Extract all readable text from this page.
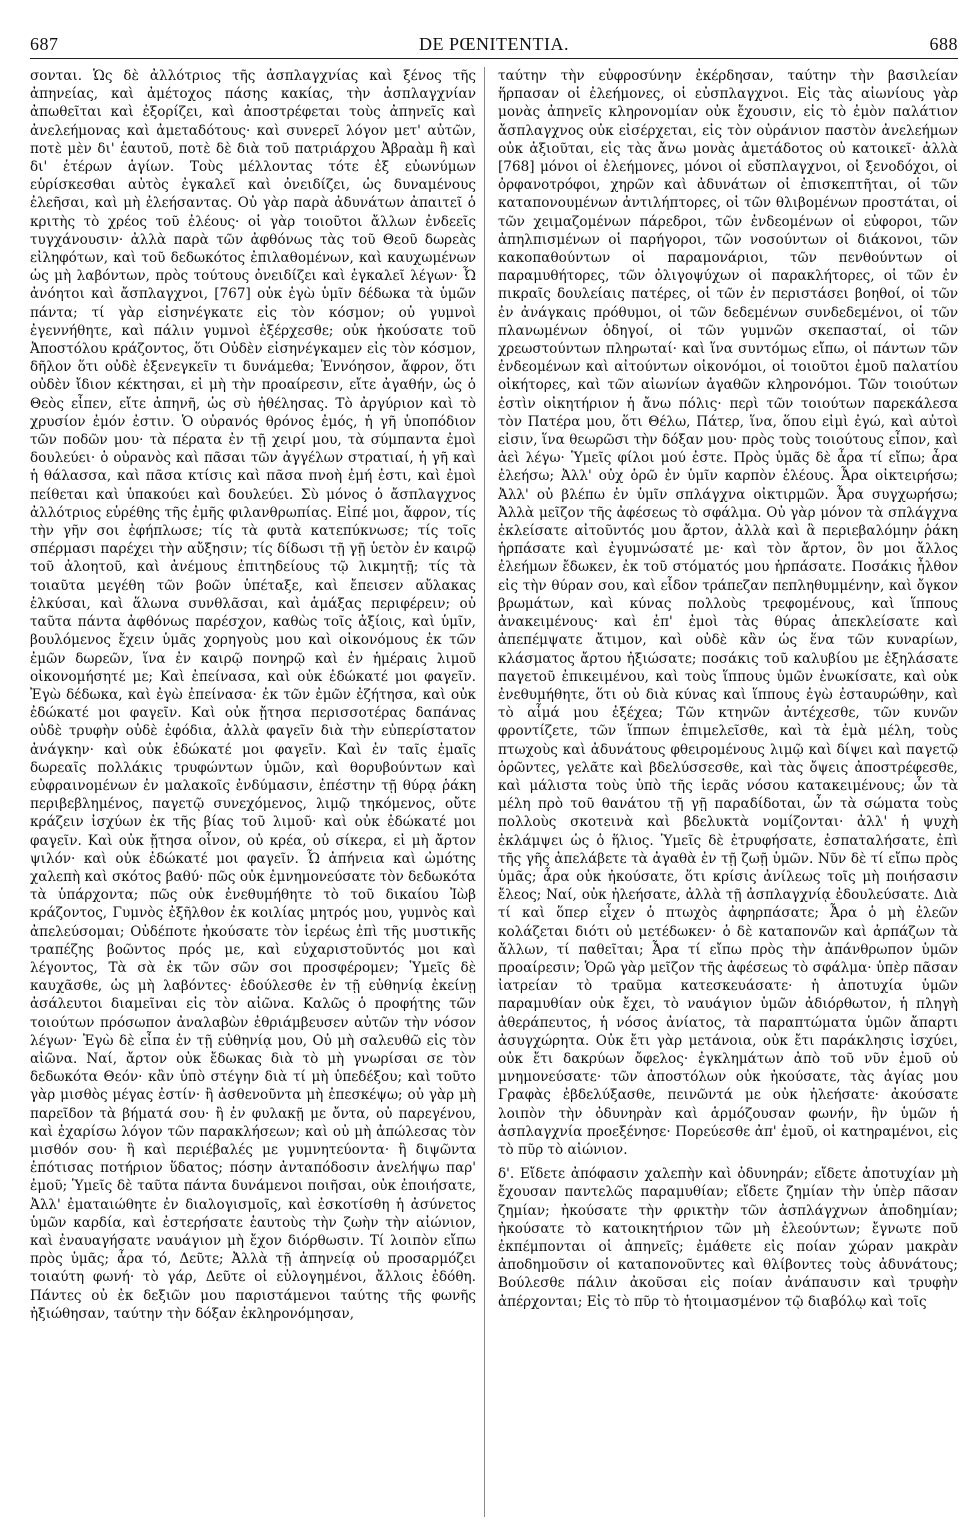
687	DE PŒNITENTIA.	688

σονται. Ὡς δὲ ἀλλότριος τῆς ἀσπλαγχνίας καὶ ξένος τῆς ἀπηνείας, καὶ ἀμέτοχος πάσης κακίας, τὴν ἀσπλαγχνίαν ἀπωθεῖται καὶ ἐξορίζει, καὶ ἀποστρέφεται τοὺς ἀπηνεῖς καὶ ἀνελεήμονας καὶ ἀμεταδότους· καὶ συνερεῖ λόγον μετ' αὐτῶν, ποτὲ μὲν δι' ἑαυτοῦ, ποτὲ δὲ διὰ τοῦ πατριάρχου Ἀβραὰμ ἢ καὶ δι' ἑτέρων ἁγίων. Τοὺς μέλλοντας τότε ἐξ εὐωνύμων εὑρίσκεσθαι αὐτὸς ἐγκαλεῖ καὶ ὀνειδίζει, ὡς δυναμένους ἐλεῆσαι, καὶ μὴ ἐλεήσαντας. Οὐ γὰρ παρὰ ἀδυνάτων ἀπαιτεῖ ὁ κριτὴς τὸ χρέος τοῦ ἐλέους· οἱ γὰρ τοιοῦτοι ἄλλων ἐνδεεῖς τυγχάνουσιν· ἀλλὰ παρὰ τῶν ἀφθόνως τὰς τοῦ Θεοῦ δωρεὰς εἰληφότων, καὶ τοῦ δεδωκότος ἐπιλαθομένων, καὶ καυχωμένων ὡς μὴ λαβόντων, πρὸς τούτους ὀνειδίζει καὶ ἐγκαλεῖ λέγων· Ὦ ἀνόητοι καὶ ἄσπλαγχνοι, [767] οὐκ ἐγὼ ὑμῖν δέδωκα τὰ ὑμῶν πάντα; τί γὰρ εἰσηνέγκατε εἰς τὸν κόσμον; οὐ γυμνοὶ ἐγεννήθητε, καὶ πάλιν γυμνοὶ ἐξέρχεσθε; οὐκ ἠκούσατε τοῦ Ἀποστόλου κράζοντος, ὅτι Οὐδὲν εἰσηνέγκαμεν εἰς τὸν κόσμον, δῆλον ὅτι οὐδὲ ἐξενεγκεῖν τι δυνάμεθα; Ἐννόησον, ἄφρον, ὅτι οὐδὲν ἴδιον κέκτησαι, εἰ μὴ τὴν προαίρεσιν, εἴτε ἀγαθήν, ὡς ὁ Θεὸς εἶπεν, εἴτε ἀπηνῆ, ὡς σὺ ἠθέλησας. Τὸ ἀργύριον καὶ τὸ χρυσίον ἐμόν ἐστιν. Ὁ οὐρανός θρόνος ἐμός, ἡ γῆ ὑποπόδιον τῶν ποδῶν μου· τὰ πέρατα ἐν τῇ χειρί μου, τὰ σύμπαντα ἐμοὶ δουλεύει· ὁ οὐρανὸς καὶ πᾶσαι τῶν ἀγγέλων στρατιαί, ἡ γῆ καὶ ἡ θάλασσα, καὶ πᾶσα κτίσις καὶ πᾶσα πνοὴ ἐμή ἐστι, καὶ ἐμοὶ πείθεται καὶ ὑπακούει καὶ δουλεύει. Σὺ μόνος ὁ ἄσπλαγχνος ἀλλότριος εὑρέθης τῆς ἐμῆς φιλανθρωπίας. Εἰπέ μοι, ἄφρον, τίς τὴν γῆν σοι ἐφήπλωσε; τίς τὰ φυτὰ κατεπύκνωσε; τίς τοῖς σπέρμασι παρέχει τὴν αὔξησιν; τίς δίδωσι τῇ γῇ ὑετὸν ἐν καιρῷ τοῦ ἀλοητοῦ, καὶ ἀνέμους ἐπιτηδείους τῷ λικμητῇ; τίς τὰ τοιαῦτα μεγέθη τῶν βοῶν ὑπέταξε, καὶ ἔπεισεν αὔλακας ἑλκύσαι, καὶ ἅλωνα συνθλᾶσαι, καὶ ἁμάξας περιφέρειν; οὐ ταῦτα πάντα ἀφθόνως παρέσχον, καθὼς τοῖς ἀξίοις, καὶ ὑμῖν, βουλόμενος ἔχειν ὑμᾶς χορηγοὺς μου καὶ οἰκονόμους ἐκ τῶν ἐμῶν δωρεῶν, ἵνα ἐν καιρῷ πονηρῷ καὶ ἐν ἡμέραις λιμοῦ οἰκονομήσητέ με; Καὶ ἐπείνασα, καὶ οὐκ ἐδώκατέ μοι φαγεῖν. Ἐγὼ δέδωκα, καὶ ἐγὼ ἐπείνασα· ἐκ τῶν ἐμῶν ἐζήτησα, καὶ οὐκ ἐδώκατέ μοι φαγεῖν. Καὶ οὐκ ᾔτησα περισσοτέρας δαπάνας οὐδὲ τρυφὴν οὐδὲ ἐφόδια, ἀλλὰ φαγεῖν διὰ τὴν εὐπερίστατον ἀνάγκην· καὶ οὐκ ἐδώκατέ μοι φαγεῖν. Καὶ ἐν ταῖς ἐμαῖς δωρεαῖς πολλάκις τρυφώντων ὑμῶν, καὶ θορυβούντων καὶ εὐφραινομένων ἐν μαλακοῖς ἐνδύμασιν, ἐπέστην τῇ θύρᾳ ῥάκη περιβεβλημένος, παγετῷ συνεχόμενος, λιμῷ τηκόμενος, οὔτε κράζειν ἰσχύων ἐκ τῆς βίας τοῦ λιμοῦ· καὶ οὐκ ἐδώκατέ μοι φαγεῖν. Καὶ οὐκ ᾔτησα οἶνον, οὐ κρέα, οὐ σίκερα, εἰ μὴ ἄρτον ψιλόν· καὶ οὐκ ἐδώκατέ μοι φαγεῖν. Ὦ ἀπήνεια καὶ ὠμότης χαλεπὴ καὶ σκότος βαθύ· πῶς οὐκ ἐμνημονεύσατε τὸν δεδωκότα τὰ ὑπάρχοντα; πῶς οὐκ ἐνεθυμήθητε τὸ τοῦ δικαίου Ἰὼβ κράζοντος, Γυμνὸς ἐξῆλθον ἐκ κοιλίας μητρός μου, γυμνὸς καὶ ἀπελεύσομαι; Οὐδέποτε ἠκούσατε τὸν ἱερέως ἐπὶ τῆς μυστικῆς τραπέζης βοῶντος πρός με, καὶ εὐχαριστοῦντός μοι καὶ λέγοντος, Τὰ σὰ ἐκ τῶν σῶν σοι προσφέρομεν; Ὑμεῖς δὲ καυχᾶσθε, ὡς μὴ λαβόντες· ἐδούλεσθε ἐν τῇ εὐθηνίᾳ ἐκείνῃ ἀσάλευτοι διαμεῖναι εἰς τὸν αἰῶνα. Καλῶς ὁ προφήτης τῶν τοιούτων πρόσωπον ἀναλαβὼν ἐθριάμβευσεν αὐτῶν τὴν νόσον λέγων· Ἐγὼ δὲ εἶπα ἐν τῇ εὐθηνίᾳ μου, Οὐ μὴ σαλευθῶ εἰς τὸν αἰῶνα. Ναί, ἄρτον οὐκ ἔδωκας διὰ τὸ μὴ γνωρίσαι σε τὸν δεδωκότα Θεόν· κἂν ὑπὸ στέγην διὰ τί μὴ ὑπεδέξου; καὶ τοῦτο γὰρ μισθὸς μέγας ἐστίν· ἢ ἀσθενοῦντα μὴ ἐπεσκέψω; οὐ γὰρ μὴ παρεῖδον τὰ βήματά σου· ἢ ἐν φυλακῇ με ὄντα, οὐ παρεγένου, καὶ ἐχαρίσω λόγον τῶν παρακλήσεων; καὶ οὐ μὴ ἀπώλεσας τὸν μισθόν σου· ἢ καὶ περιέβαλές με γυμνητεύοντα· ἢ διψῶντα ἐπότισας ποτήριον ὕδατος; πόσην ἀνταπόδοσιν ἀνελήψω παρ' ἐμοῦ; Ὑμεῖς δὲ ταῦτα πάντα δυνάμενοι ποιῆσαι, οὐκ ἐποιήσατε, Ἀλλ' ἐματαιώθητε ἐν διαλογισμοῖς, καὶ ἐσκοτίσθη ἡ ἀσύνετος ὑμῶν καρδία, καὶ ἐστερήσατε ἑαυτοὺς τὴν ζωὴν τὴν αἰώνιον, καὶ ἐναυαγήσατε ναυάγιον μὴ ἔχον διόρθωσιν. Τί λοιπὸν εἴπω πρὸς ὑμᾶς; ἆρα τό, Δεῦτε; Ἀλλὰ τῇ ἀπηνείᾳ οὐ προσαρμόζει τοιαύτη φωνή· τὸ γάρ, Δεῦτε οἱ εὐλογημένοι, ἄλλοις ἐδόθη. Πάντες οὐ ἐκ δεξιῶν μου παριστάμενοι ταύτης τῆς φωνῆς ἠξιώθησαν, ταύτην τὴν δόξαν ἐκληρονόμησαν,

ταύτην τὴν εὐφροσύνην ἐκέρδησαν, ταύτην τὴν βασιλείαν ἥρπασαν οἱ ἐλεήμονες, οἱ εὐσπλαγχνοι. Εἰς τὰς αἰωνίους γὰρ μονὰς ἀπηνεῖς κληρονομίαν οὐκ ἔχουσιν, εἰς τὸ ἐμὸν παλάτιον ἄσπλαγχνος οὐκ εἰσέρχεται, εἰς τὸν οὐράνιον παστὸν ἀνελεήμων οὐκ ἀξιοῦται, εἰς τὰς ἄνω μονὰς ἀμετάδοτος οὐ κατοικεῖ· ἀλλὰ [768] μόνοι οἱ ἐλεήμονες, μόνοι οἱ εὔσπλαγχνοι, οἱ ξενοδόχοι, οἱ ὀρφανοτρόφοι, χηρῶν καὶ ἀδυνάτων οἱ ἐπισκεπτῆται, οἱ τῶν καταπονουμένων ἀντιλήπτορες, οἱ τῶν θλιβομένων προστάται, οἱ τῶν χειμαζομένων πάρεδροι, τῶν ἐνδεομένων οἱ εὐφοροι, τῶν ἀπηλπισμένων οἱ παρήγοροι, τῶν νοσούντων οἱ διάκονοι, τῶν κακοπαθούντων οἱ παραμονάριοι, τῶν πενθούντων οἱ παραμυθήτορες, τῶν ὀλιγοψύχων οἱ παρακλήτορες, οἱ τῶν ἐν πικραῖς δουλείαις πατέρες, οἱ τῶν ἐν περιστάσει βοηθοί, οἱ τῶν ἐν ἀνάγκαις πρόθυμοι, οἱ τῶν δεδεμένων συνδεδεμένοι, οἱ τῶν πλανωμένων ὁδηγοί, οἱ τῶν γυμνῶν σκεπασταί, οἱ τῶν χρεωστούντων πληρωταί· καὶ ἵνα συντόμως εἴπω, οἱ πάντων τῶν ἐνδεομένων καὶ αἰτούντων οἰκονόμοι, οἱ τοιοῦτοι ἐμοῦ παλατίου οἰκήτορες, καὶ τῶν αἰωνίων ἀγαθῶν κληρονόμοι. Τῶν τοιούτων ἐστὶν οἰκητήριον ἡ ἄνω πόλις· περὶ τῶν τοιούτων παρεκάλεσα τὸν Πατέρα μου, ὅτι Θέλω, Πάτερ, ἵνα, ὅπου εἰμὶ ἐγώ, καὶ αὐτοὶ εἰσιν, ἵνα θεωρῶσι τὴν δόξαν μου· πρὸς τοὺς τοιούτους εἶπον, καὶ ἀεὶ λέγω· Ὑμεῖς φίλοι μού ἐστε. Πρὸς ὑμᾶς δὲ ἆρα τί εἴπω; ἆρα ἐλεήσω; Ἀλλ' οὐχ ὁρῶ ἐν ὑμῖν καρπὸν ἐλέους. Ἆρα οἰκτειρήσω; Ἀλλ' οὐ βλέπω ἐν ὑμῖν σπλάγχνα οἰκτιρμῶν. Ἆρα συγχωρήσω; Ἀλλὰ μεῖζον τῆς ἀφέσεως τὸ σφάλμα. Οὐ γὰρ μόνον τὰ σπλάγχνα ἐκλείσατε αἰτοῦντός μου ἄρτον, ἀλλὰ καὶ ἃ περιεβαλόμην ῥάκη ἡρπάσατε καὶ ἐγυμνώσατέ με· καὶ τὸν ἄρτον, ὃν μοι ἄλλος ἐλεήμων ἔδωκεν, ἐκ τοῦ στόματός μου ἡρπάσατε. Ποσάκις ἦλθον εἰς τὴν θύραν σου, καὶ εἶδον τράπεζαν πεπληθυμμένην, καὶ ὄγκον βρωμάτων, καὶ κύνας πολλοὺς τρεφομένους, καὶ ἵππους ἀνακειμένους· καὶ ἐπ' ἐμοὶ τὰς θύρας ἀπεκλείσατε καὶ ἀπεπέμψατε ἄτιμον, καὶ οὐδὲ κἂν ὡς ἕνα τῶν κυναρίων, κλάσματος ἄρτου ἠξιώσατε; ποσάκις τοῦ καλυβίου με ἐξηλάσατε παγετοῦ ἐπικειμένου, καὶ τοὺς ἵππους ὑμῶν ἐνωκίσατε, καὶ οὐκ ἐνεθυμήθητε, ὅτι οὐ διὰ κύνας καὶ ἵππους ἐγὼ ἐσταυρώθην, καὶ τὸ αἷμά μου ἐξέχεα; Τῶν κτηνῶν ἀντέχεσθε, τῶν κυνῶν φροντίζετε, τῶν ἵππων ἐπιμελεῖσθε, καὶ τὰ ἐμὰ μέλη, τοὺς πτωχοὺς καὶ ἀδυνάτους φθειρομένους λιμῷ καὶ δίψει καὶ παγετῷ ὁρῶντες, γελᾶτε καὶ βδελύσσεσθε, καὶ τὰς ὄψεις ἀποστρέφεσθε, καὶ μάλιστα τοὺς ὑπὸ τῆς ἱερᾶς νόσου κατακειμένους; ὧν τὰ μέλη πρὸ τοῦ θανάτου τῇ γῇ παραδίδοται, ὧν τὰ σώματα τοὺς πολλοὺς σκοτεινὰ καὶ βδελυκτὰ νομίζονται· ἀλλ' ἡ ψυχὴ ἐκλάμψει ὡς ὁ ἥλιος. Ὑμεῖς δὲ ἐτρυφήσατε, ἐσπαταλήσατε, ἐπὶ τῆς γῆς ἀπελάβετε τὰ ἀγαθὰ ἐν τῇ ζωῇ ὑμῶν. Νῦν δὲ τί εἴπω πρὸς ὑμᾶς; ἆρα οὐκ ἠκούσατε, ὅτι κρίσις ἀνίλεως τοῖς μὴ ποιήσασιν ἔλεος; Ναί, οὐκ ἠλεήσατε, ἀλλὰ τῇ ἀσπλαγχνίᾳ ἐδουλεύσατε. Διὰ τί καὶ ὅπερ εἶχεν ὁ πτωχὸς ἀφηρπάσατε; Ἆρα ὁ μὴ ἐλεῶν κολάζεται διότι οὐ μετέδωκεν· ὁ δὲ καταπονῶν καὶ ἁρπάζων τὰ ἄλλων, τί παθεῖται; Ἆρα τί εἴπω πρὸς τὴν ἀπάνθρωπον ὑμῶν προαίρεσιν; Ὁρῶ γὰρ μεῖζον τῆς ἀφέσεως τὸ σφάλμα· ὑπὲρ πᾶσαν ἰατρείαν τὸ τραῦμα κατεσκευάσατε· ἡ ἀποτυχία ὑμῶν παραμυθίαν οὐκ ἔχει, τὸ ναυάγιον ὑμῶν ἀδιόρθωτον, ἡ πληγὴ ἀθεράπευτος, ἡ νόσος ἀνίατος, τὰ παραπτώματα ὑμῶν ἄπαρτι ἀσυγχώρητα. Οὐκ ἔτι γὰρ μετάνοια, οὐκ ἔτι παράκλησις ἰσχύει, οὐκ ἔτι δακρύων ὄφελος· ἐγκλημάτων ἀπὸ τοῦ νῦν ἐμοῦ οὐ μνημονεύσατε· τῶν ἀποστόλων οὐκ ἠκούσατε, τὰς ἁγίας μου Γραφὰς ἐβδελύξασθε, πεινῶντά με οὐκ ἠλεήσατε· ἀκούσατε λοιπὸν τὴν ὀδυνηρὰν καὶ ἁρμόζουσαν φωνήν, ἣν ὑμῶν ἡ ἀσπλαγχνία προεξένησε· Πορεύεσθε ἀπ' ἐμοῦ, οἱ κατηραμένοι, εἰς τὸ πῦρ τὸ αἰώνιον.

δ'. Εἴδετε ἀπόφασιν χαλεπὴν καὶ ὀδυνηράν; εἴδετε ἀποτυχίαν μὴ ἔχουσαν παντελῶς παραμυθίαν; εἴδετε ζημίαν τὴν ὑπὲρ πᾶσαν ζημίαν; ἠκούσατε τὴν φρικτὴν τῶν ἀσπλάγχνων ἀποδημίαν; ἠκούσατε τὸ κατοικητήριον τῶν μὴ ἐλεούντων; ἔγνωτε ποῦ ἐκπέμπονται οἱ ἀπηνεῖς; ἐμάθετε εἰς ποίαν χώραν μακρὰν ἀποδημοῦσιν οἱ καταπονοῦντες καὶ θλίβοντες τοὺς ἀδυνάτους; Βούλεσθε πάλιν ἀκοῦσαι εἰς ποίαν ἀνάπαυσιν καὶ τρυφὴν ἀπέρχονται; Εἰς τὸ πῦρ τὸ ἡτοιμασμένον τῷ διαβόλῳ καὶ τοῖς
